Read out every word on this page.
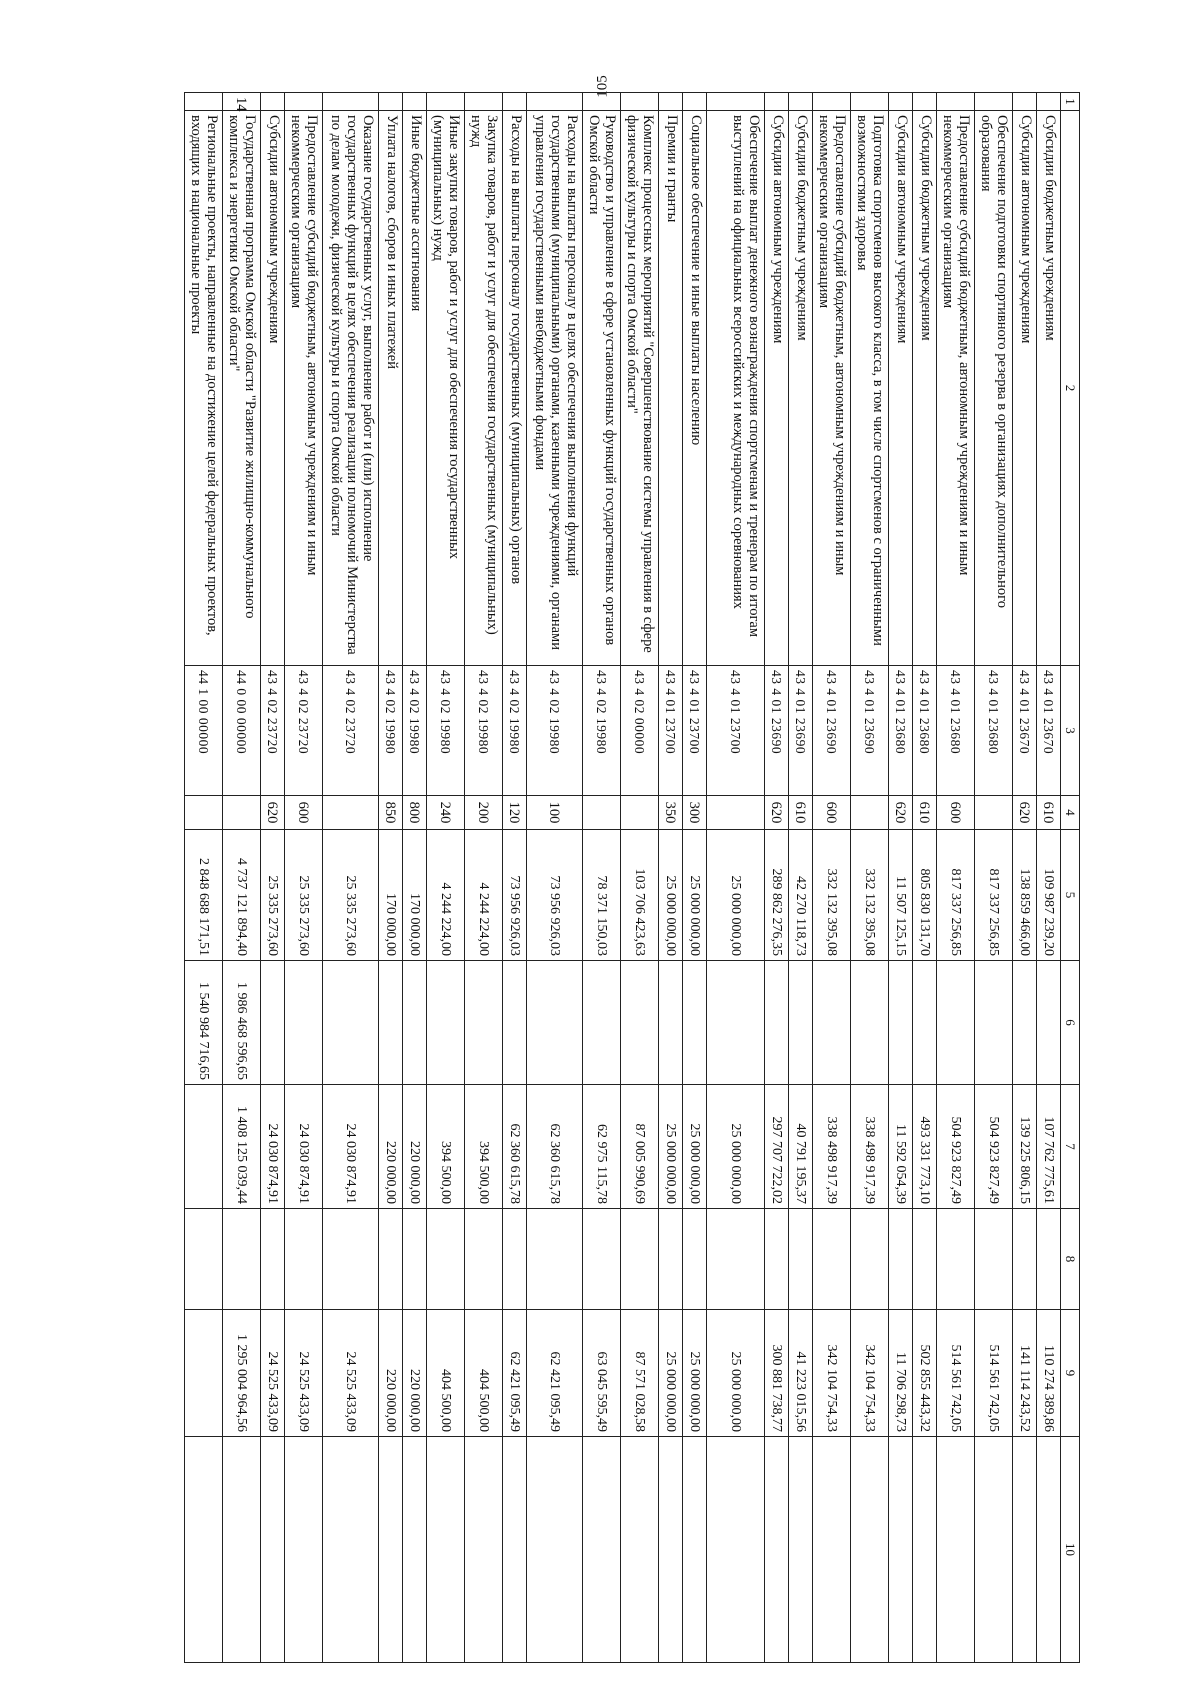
105
1	2	3	4	5	6	7	8	9	10
	Субсидии бюджетным учреждениям	43 4 01 23670	610	109 987 239,20		107 762 775,61		110 274 389,86	
	Субсидии автономным учреждениям	43 4 01 23670	620	138 859 466,00		139 225 806,15		141 114 243,52	
	Обеспечение подготовки спортивного резерва в организациях дополнительного образования	43 4 01 23680		817 337 256,85		504 923 827,49		514 561 742,05	
	Предоставление субсидий бюджетным, автономным учреждениям и иным некоммерческим организациям	43 4 01 23680	600	817 337 256,85		504 923 827,49		514 561 742,05	
	Субсидии бюджетным учреждениям	43 4 01 23680	610	805 830 131,70		493 331 773,10		502 855 443,32	
	Субсидии автономным учреждениям	43 4 01 23680	620	11 507 125,15		11 592 054,39		11 706 298,73	
	Подготовка спортсменов высокого класса, в том числе спортсменов с ограниченными возможностями здоровья	43 4 01 23690		332 132 395,08		338 498 917,39		342 104 754,33	
	Предоставление субсидий бюджетным, автономным учреждениям и иным некоммерческим организациям	43 4 01 23690	600	332 132 395,08		338 498 917,39		342 104 754,33	
	Субсидии бюджетным учреждениям	43 4 01 23690	610	42 270 118,73		40 791 195,37		41 223 015,56	
	Субсидии автономным учреждениям	43 4 01 23690	620	289 862 276,35		297 707 722,02		300 881 738,77	
	Обеспечение выплат денежного вознаграждения спортсменам и тренерам по итогам выступлений на официальных всероссийских и международных соревнованиях	43 4 01 23700		25 000 000,00		25 000 000,00		25 000 000,00	
	Социальное обеспечение и иные выплаты населению	43 4 01 23700	300	25 000 000,00		25 000 000,00		25 000 000,00	
	Премии и гранты	43 4 01 23700	350	25 000 000,00		25 000 000,00		25 000 000,00	
	Комплекс процессных мероприятий "Совершенствование системы управления в сфере физической культуры и спорта Омской области"	43 4 02 00000		103 706 423,63		87 005 990,69		87 571 028,58	
	Руководство и управление в сфере установленных функций государственных органов Омской области	43 4 02 19980		78 371 150,03		62 975 115,78		63 045 595,49	
	Расходы на выплаты персоналу в целях обеспечения выполнения функций государственными (муниципальными) органами, казенными учреждениями, органами управления государственными внебюджетными фондами	43 4 02 19980	100	73 956 926,03		62 360 615,78		62 421 095,49	
	Расходы на выплаты персоналу государственных (муниципальных) органов	43 4 02 19980	120	73 956 926,03		62 360 615,78		62 421 095,49	
	Закупка товаров, работ и услуг для обеспечения государственных (муниципальных) нужд	43 4 02 19980	200	4 244 224,00		394 500,00		404 500,00	
	Иные закупки товаров, работ и услуг для обеспечения государственных (муниципальных) нужд	43 4 02 19980	240	4 244 224,00		394 500,00		404 500,00	
	Иные бюджетные ассигнования	43 4 02 19980	800	170 000,00		220 000,00		220 000,00	
	Уплата налогов, сборов и иных платежей	43 4 02 19980	850	170 000,00		220 000,00		220 000,00	
	Оказание государственных услуг, выполнение работ и (или) исполнение государственных функций в целях обеспечения реализации полномочий Министерства по делам молодежи, физической культуры и спорта Омской области	43 4 02 23720		25 335 273,60		24 030 874,91		24 525 433,09	
	Предоставление субсидий бюджетным, автономным учреждениям и иным некоммерческим организациям	43 4 02 23720	600	25 335 273,60		24 030 874,91		24 525 433,09	
	Субсидии автономным учреждениям	43 4 02 23720	620	25 335 273,60		24 030 874,91		24 525 433,09	
14	Государственная программа Омской области "Развитие жилищно-коммунального комплекса и энергетики Омской области"	44 0 00 00000		4 737 121 894,40	1 986 468 596,65	1 408 125 039,44		1 295 004 964,56	
	Региональные проекты, направленные на достижение целей федеральных проектов, входящих в национальные проекты	44 1 00 00000		2 848 688 171,51	1 540 984 716,65				
